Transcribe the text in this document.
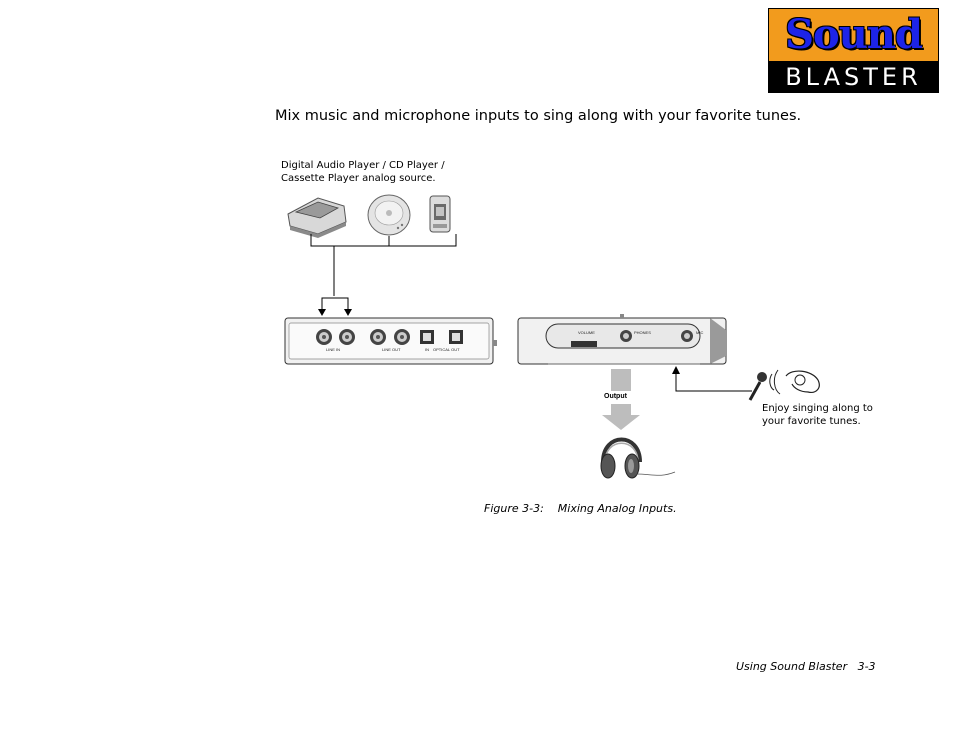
Sound
BLASTER
Mix music and microphone inputs to sing along with your favorite tunes.
LINE IN	LINE OUT	IN OPTICAL OUT
VOLUME	PHONES	MIC
Digital Audio Player / CD Player / Cassette Player analog source.
Output
Enjoy singing along to your favorite tunes.
Figure 3-3:    Mixing Analog Inputs.
Using Sound Blaster   3-3
